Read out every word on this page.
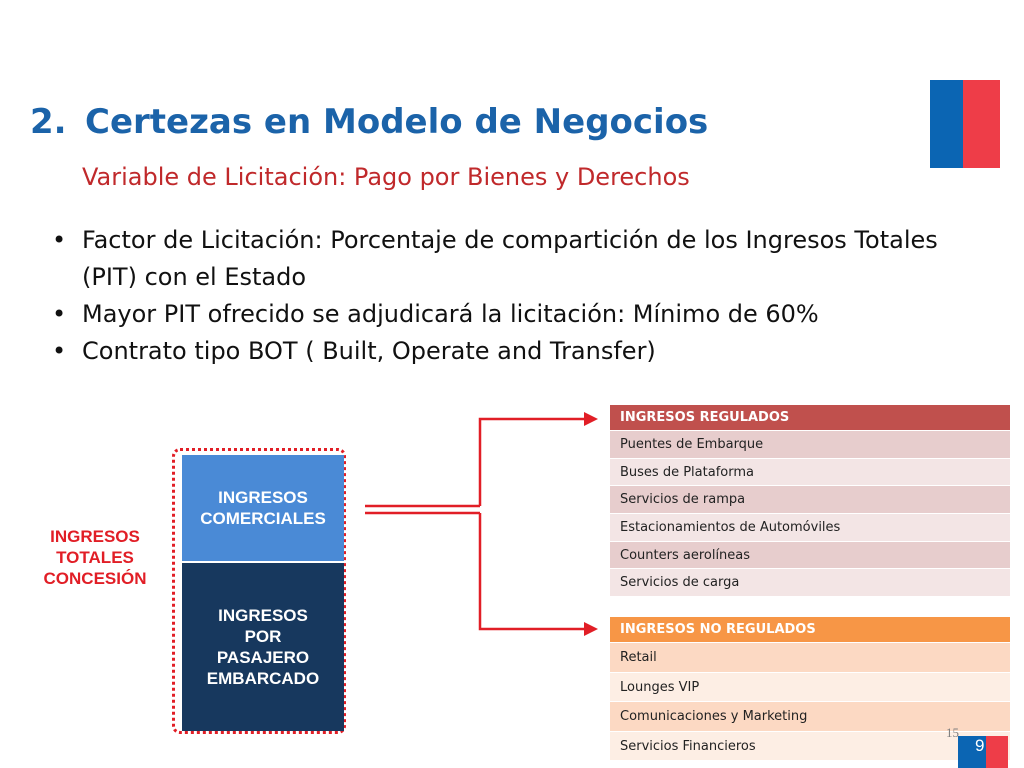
2. Certezas en Modelo de Negocios
Variable de Licitación: Pago por Bienes y Derechos
• Factor de Licitación: Porcentaje de compartición de los Ingresos Totales (PIT) con el Estado
• Mayor PIT ofrecido se adjudicará la licitación: Mínimo de 60%
• Contrato tipo BOT ( Built, Operate and Transfer)
INGRESOS
TOTALES
CONCESIÓN
INGRESOS
COMERCIALES
INGRESOS
POR
PASAJERO
EMBARCADO
INGRESOS REGULADOS
Puentes de Embarque
Buses de Plataforma
Servicios de rampa
Estacionamientos de Automóviles
Counters aerolíneas
Servicios de carga
INGRESOS NO REGULADOS
Retail
Lounges VIP
Comunicaciones y Marketing
Servicios Financieros
15
9
